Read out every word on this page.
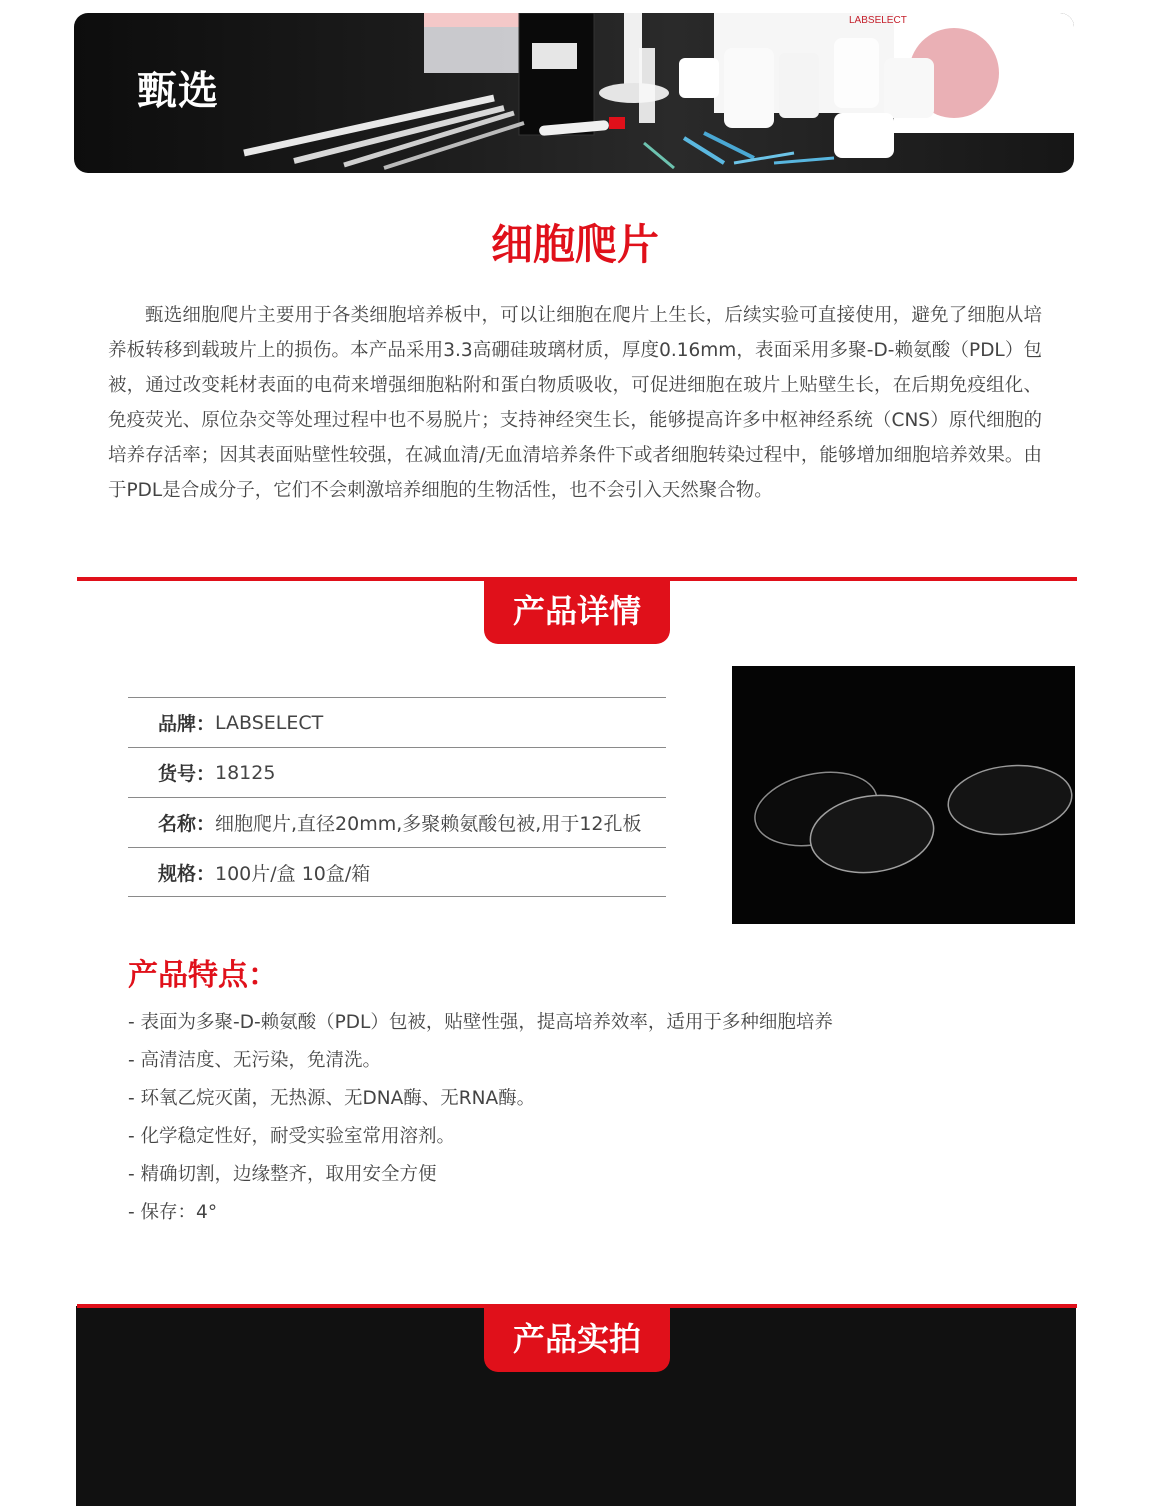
LABSELECT
甄选
细胞爬片

甄选细胞爬片主要用于各类细胞培养板中，可以让细胞在爬片上生长，后续实验可直接使用，避免了细胞从培养板转移到载玻片上的损伤。本产品采用3.3高硼硅玻璃材质，厚度0.16mm，表面采用多聚-D-赖氨酸（PDL）包被，通过改变耗材表面的电荷来增强细胞粘附和蛋白物质吸收，可促进细胞在玻片上贴壁生长，在后期免疫组化、免疫荧光、原位杂交等处理过程中也不易脱片；支持神经突生长，能够提高许多中枢神经系统（CNS）原代细胞的培养存活率；因其表面贴壁性较强，在减血清/无血清培养条件下或者细胞转染过程中，能够增加细胞培养效果。由于PDL是合成分子，它们不会刺激培养细胞的生物活性，也不会引入天然聚合物。

产品详情
品牌： LABSELECT
货号： 18125
名称： 细胞爬片,直径20mm,多聚赖氨酸包被,用于12孔板
规格： 100片/盒 10盒/箱
产品特点：
- 表面为多聚-D-赖氨酸（PDL）包被，贴壁性强，提高培养效率，适用于多种细胞培养
- 高清洁度、无污染，免清洗。
- 环氧乙烷灭菌，无热源、无DNA酶、无RNA酶。
- 化学稳定性好，耐受实验室常用溶剂。
- 精确切割，边缘整齐，取用安全方便
- 保存：4°
产品实拍
